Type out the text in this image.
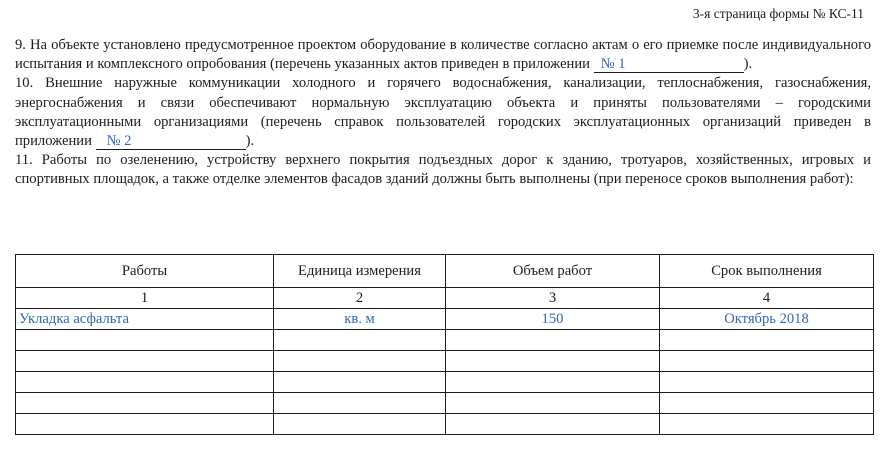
3-я страница формы № КС-11

9. На объекте установлено предусмотренное проектом оборудование в количестве согласно актам о его приемке после индивидуального испытания и комплексного опробования (перечень указанных актов приведен в приложении № 1	).

10. Внешние наружные коммуникации холодного и горячего водоснабжения, канализации, теплоснабжения, газоснабжения, энергоснабжения и связи обеспечивают нормальную эксплуатацию объекта и приняты пользователями – городскими эксплуатационными организациями (перечень справок пользователей городских эксплуатационных организаций приведен в приложении № 2	).

11. Работы по озеленению, устройству верхнего покрытия подъездных дорог к зданию, тротуаров, хозяйственных, игровых и спортивных площадок, а также отделке элементов фасадов зданий должны быть выполнены (при переносе сроков выполнения работ):

Работы	Единица измерения	Объем работ	Срок выполнения
1	2	3	4
Укладка асфальта	кв. м	150	Октябрь 2018
